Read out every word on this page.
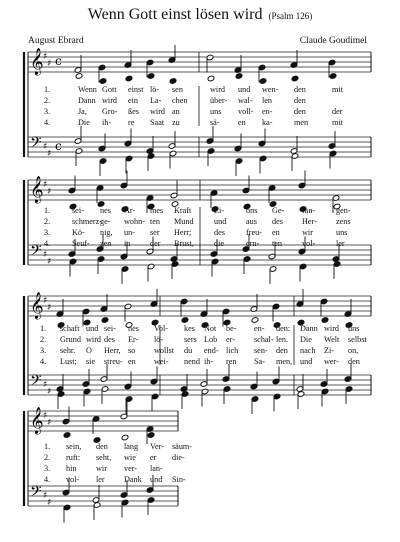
Wenn Gott einst lösen wird (Psalm 126)
August Ebrard	Claude Goudimel
𝄞
𝄢
♯
♯
♯
♯
c
c
1.	Wenn Gott einst lö- sen	wird und wen- den	mit
2.	Dann wird ein La- chen	über- wal- len	den
3.	Ja, Gro- ßes wird an	uns voll- en-	den	der
4.	Die ih- re Saat zu	sä- en ka-	men	mit
𝄞
𝄢
♯
♯
♯
♯
1.	sei- nes Ar- mes Kraft	Zi-	ons Ge- fan-	gen-
2.	schmerz-
ge- wohn- ten Mund und aus des Her- zens
3.	Kö- nig, un- ser Herr;	des	freu- en	wir	uns
4.	Seuf- zen in der Brust, die	ern- ten vol-	ler
𝄞
𝄢
♯
♯
♯
♯
1. schaft und sei- nes Vol- kes Not be- en- den: Dann wird uns
2. Grund wird des Er- lö-	sers Lob er- schal- len. Die Welt selbst
3. sehr. O Herr, so wollst du end- lich sen- den nach Zi- on,
4. Lust; sie streu- en wei- nend ih- ren Sa- men, und wer- den
𝄞
𝄢
♯
♯
♯
♯
1. sein, den lang Ver- säum-
2. ruft: seht, wie er die-
3. hin wir ver- lan-
4. vol- ler Dank und Sin-
